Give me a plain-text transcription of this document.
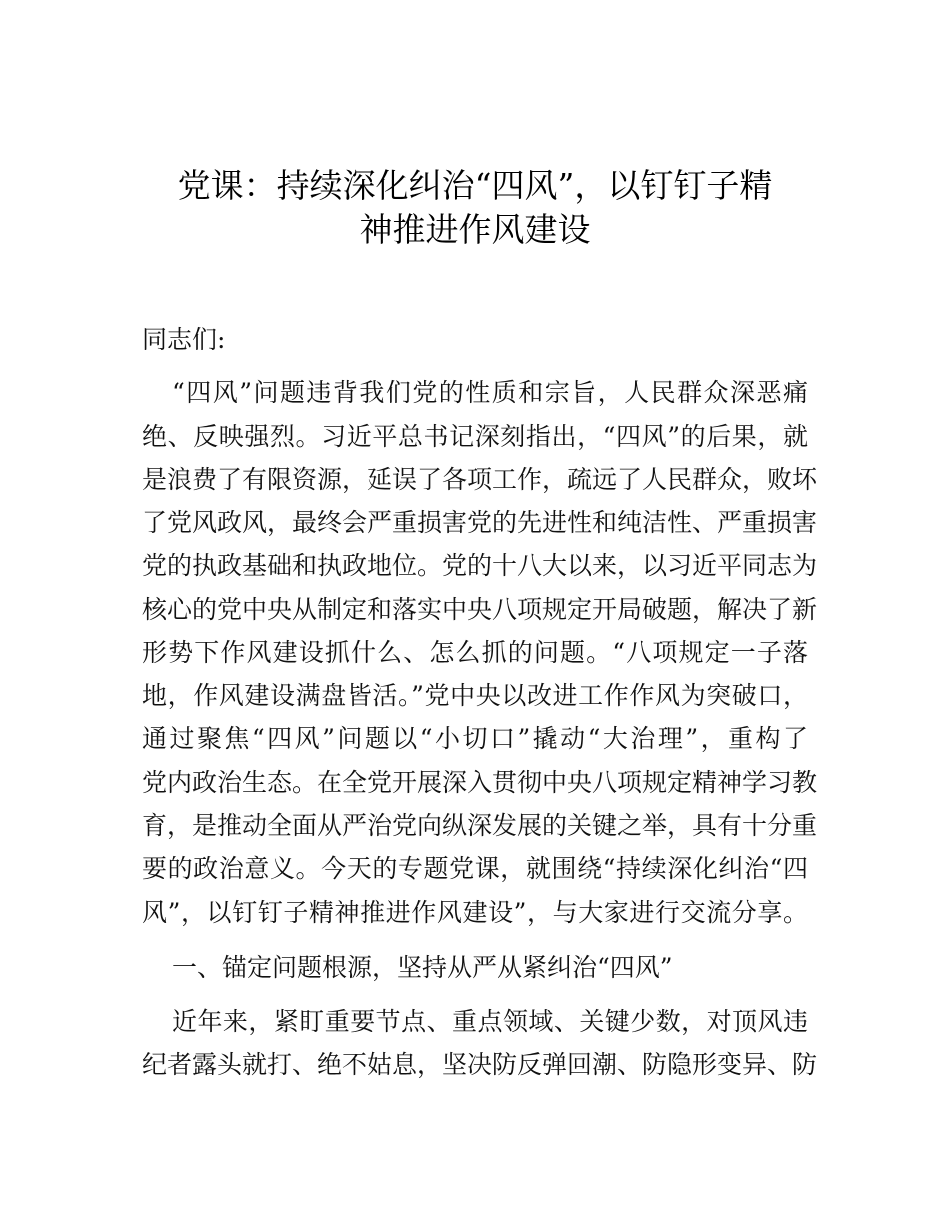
党课：持续深化纠治“四风”，以钉钉子精
神推进作风建设
同志们:
“四风”问题违背我们党的性质和宗旨，人民群众深恶痛
绝、反映强烈。习近平总书记深刻指出，“四风”的后果，就
是浪费了有限资源，延误了各项工作，疏远了人民群众，败坏
了党风政风，最终会严重损害党的先进性和纯洁性、严重损害
党的执政基础和执政地位。党的十八大以来，以习近平同志为
核心的党中央从制定和落实中央八项规定开局破题，解决了新
形势下作风建设抓什么、怎么抓的问题。“八项规定一子落
地，作风建设满盘皆活。”党中央以改进工作作风为突破口，
通过聚焦“四风”问题以“小切口”撬动“大治理”，重构了
党内政治生态。在全党开展深入贯彻中央八项规定精神学习教
育，是推动全面从严治党向纵深发展的关键之举，具有十分重
要的政治意义。今天的专题党课，就围绕“持续深化纠治“四
风”，以钉钉子精神推进作风建设”，与大家进行交流分享。
一、锚定问题根源，坚持从严从紧纠治“四风”
近年来，紧盯重要节点、重点领域、关键少数，对顶风违
纪者露头就打、绝不姑息，坚决防反弹回潮、防隐形变异、防
